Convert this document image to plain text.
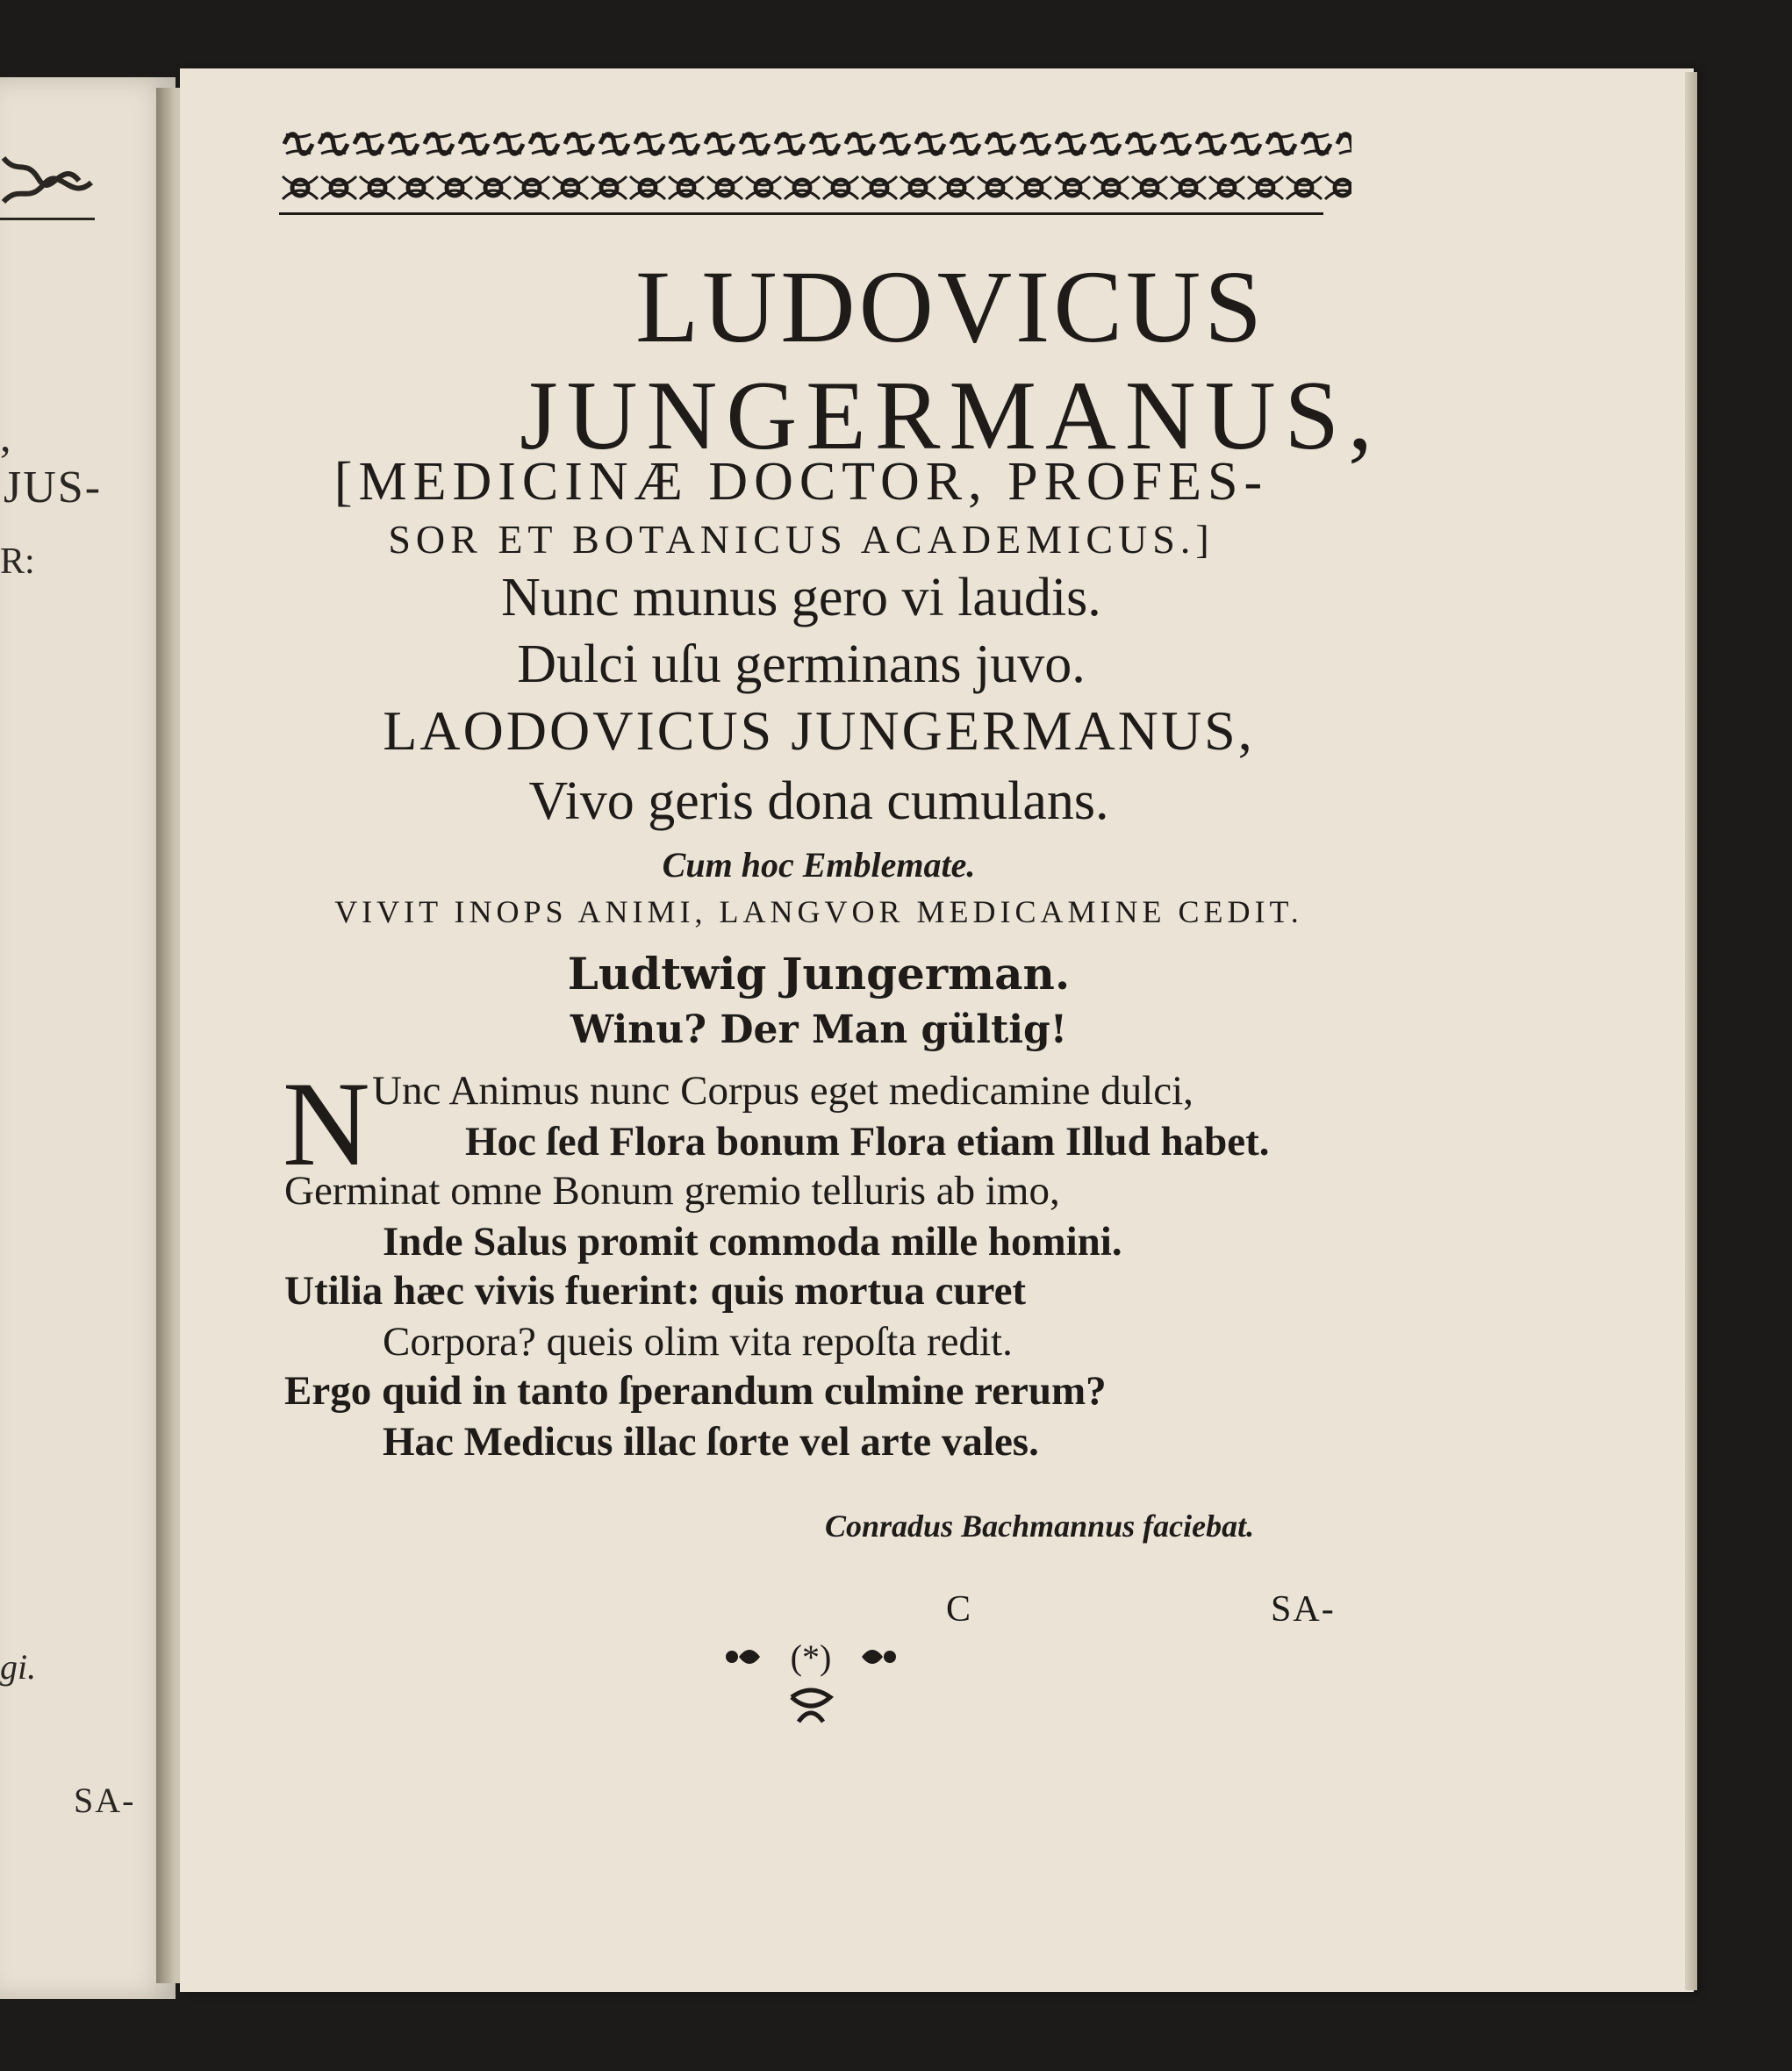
,
JUS-
R:
gi.
SA-
LUDOVICUS
JUNGERMANUS,
[MEDICINÆ DOCTOR, PROFES-
SOR ET BOTANICUS ACADEMICUS.]
Nunc munus gero vi laudis.
Dulci uſu germinans juvo.
LAODOVICUS JUNGERMANUS,
Vivo geris dona cumulans.
Cum hoc Emblemate.
VIVIT INOPS ANIMI, LANGVOR MEDICAMINE CEDIT.
Ludtwig Jungerman.
Winu? Der Man gültig!
N Unc Animus nunc Corpus eget medicamine dulci,
Hoc ſed Flora bonum Flora etiam Illud habet.
Germinat omne Bonum gremio telluris ab imo,
Inde Salus promit commoda mille homini.
Utilia hæc vivis fuerint: quis mortua curet
Corpora? queis olim vita repoſta redit.
Ergo quid in tanto ſperandum culmine rerum?
Hac Medicus illac ſorte vel arte vales.
Conradus Bachmannus faciebat.
C	SA-
(*)
